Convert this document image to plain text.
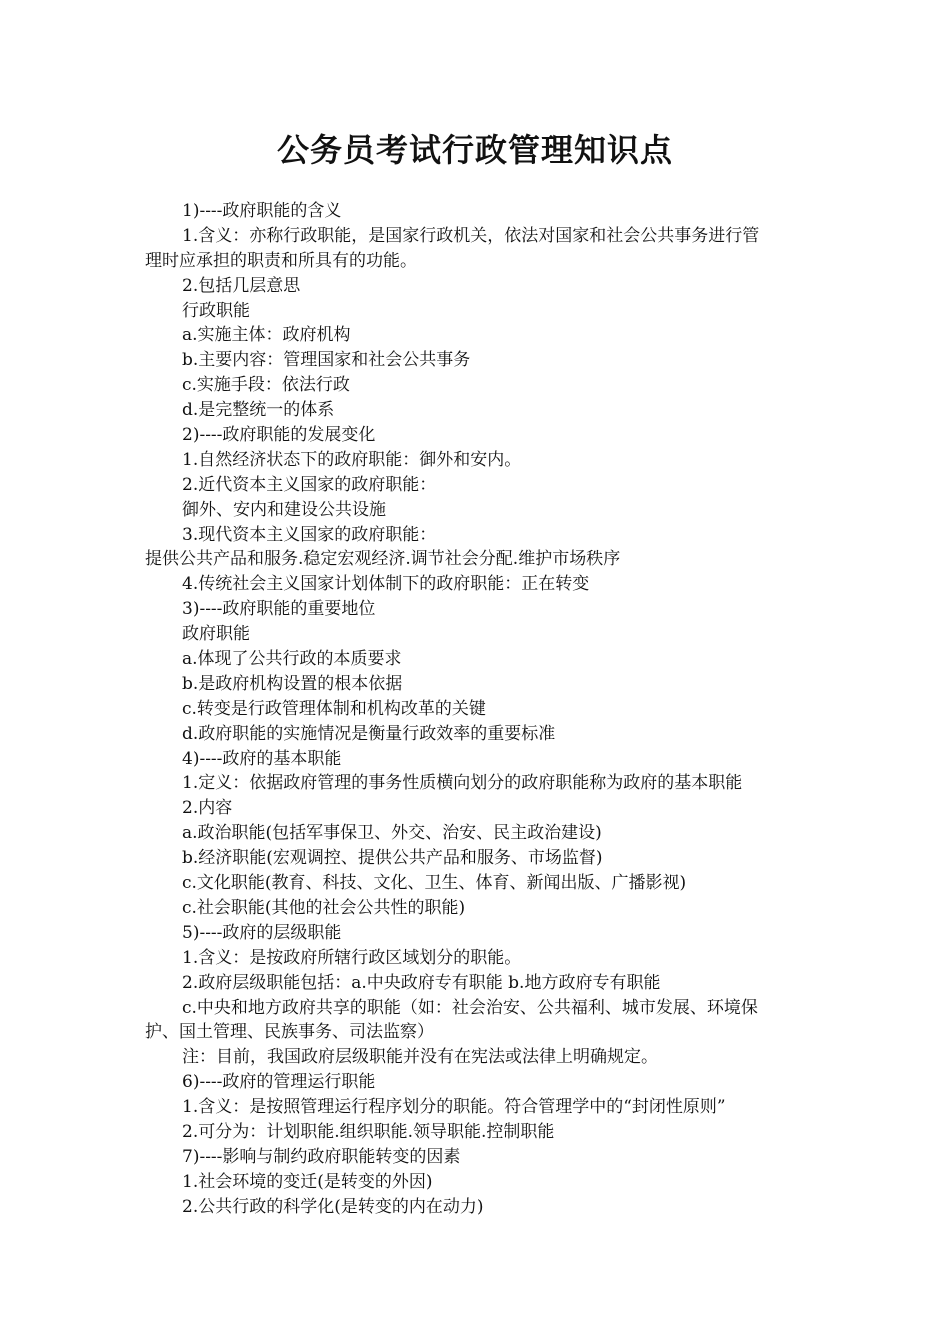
公务员考试行政管理知识点
1)----政府职能的含义
1.含义：亦称行政职能，是国家行政机关，依法对国家和社会公共事务进行管
理时应承担的职责和所具有的功能。
2.包括几层意思
行政职能
a.实施主体：政府机构
b.主要内容：管理国家和社会公共事务
c.实施手段：依法行政
d.是完整统一的体系
2)----政府职能的发展变化
1.自然经济状态下的政府职能：御外和安内。
2.近代资本主义国家的政府职能：
御外、安内和建设公共设施
3.现代资本主义国家的政府职能：
提供公共产品和服务.稳定宏观经济.调节社会分配.维护市场秩序
4.传统社会主义国家计划体制下的政府职能：正在转变
3)----政府职能的重要地位
政府职能
a.体现了公共行政的本质要求
b.是政府机构设置的根本依据
c.转变是行政管理体制和机构改革的关键
d.政府职能的实施情况是衡量行政效率的重要标准
4)----政府的基本职能
1.定义：依据政府管理的事务性质横向划分的政府职能称为政府的基本职能
2.内容
a.政治职能(包括军事保卫、外交、治安、民主政治建设)
b.经济职能(宏观调控、提供公共产品和服务、市场监督)
c.文化职能(教育、科技、文化、卫生、体育、新闻出版、广播影视)
c.社会职能(其他的社会公共性的职能)
5)----政府的层级职能
1.含义：是按政府所辖行政区域划分的职能。
2.政府层级职能包括：a.中央政府专有职能 b.地方政府专有职能
c.中央和地方政府共享的职能（如：社会治安、公共福利、城市发展、环境保
护、国土管理、民族事务、司法监察）
注：目前，我国政府层级职能并没有在宪法或法律上明确规定。
6)----政府的管理运行职能
1.含义：是按照管理运行程序划分的职能。符合管理学中的“封闭性原则”
2.可分为：计划职能.组织职能.领导职能.控制职能
7)----影响与制约政府职能转变的因素
1.社会环境的变迁(是转变的外因)
2.公共行政的科学化(是转变的内在动力)
